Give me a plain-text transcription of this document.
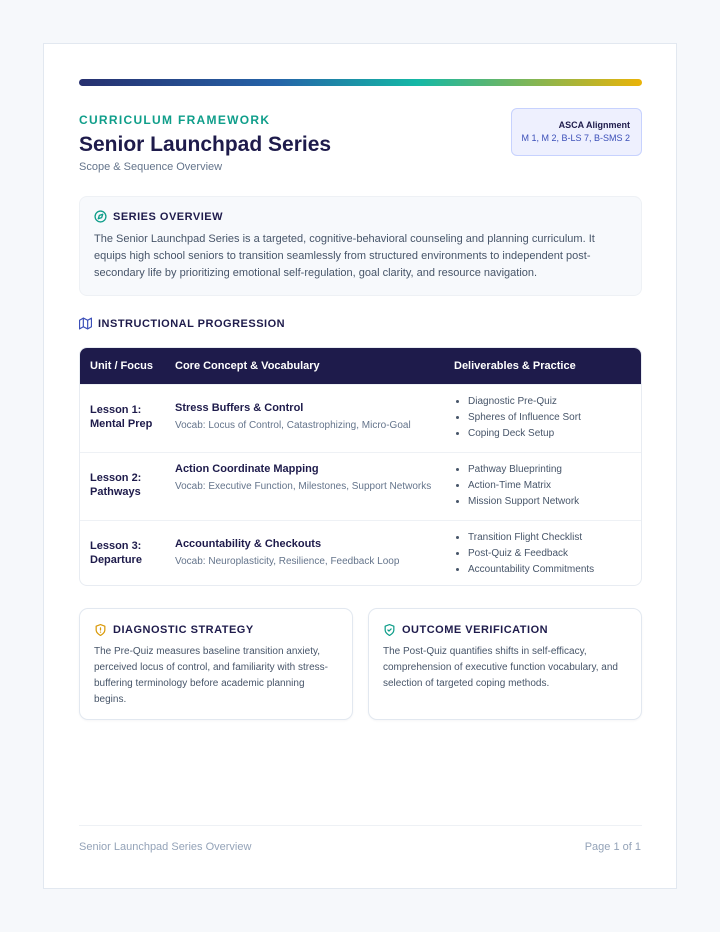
CURRICULUM FRAMEWORK
Senior Launchpad Series
Scope & Sequence Overview
ASCA Alignment
M 1, M 2, B-LS 7, B-SMS 2
SERIES OVERVIEW

The Senior Launchpad Series is a targeted, cognitive-behavioral counseling and planning curriculum. It equips high school seniors to transition seamlessly from structured environments to independent post-secondary life by prioritizing emotional self-regulation, goal clarity, and resource navigation.

INSTRUCTIONAL PROGRESSION
Unit / Focus Core Concept & Vocabulary	Deliverables & Practice
Lesson 1:
Mental Prep
Stress Buffers & Control
Vocab: Locus of Control, Catastrophizing, Micro-Goal
Diagnostic Pre-Quiz
Spheres of Influence Sort
Coping Deck Setup
Lesson 2:
Pathways
Action Coordinate Mapping
Vocab: Executive Function, Milestones, Support Networks
Pathway Blueprinting
Action-Time Matrix
Mission Support Network
Lesson 3:
Departure
Accountability & Checkouts
Vocab: Neuroplasticity, Resilience, Feedback Loop
Transition Flight Checklist
Post-Quiz & Feedback
Accountability Commitments
DIAGNOSTIC STRATEGY

The Pre-Quiz measures baseline transition anxiety, perceived locus of control, and familiarity with stress-buffering terminology before academic planning begins.

OUTCOME VERIFICATION

The Post-Quiz quantifies shifts in self-efficacy, comprehension of executive function vocabulary, and selection of targeted coping methods.

Senior Launchpad Series Overview	Page 1 of 1
